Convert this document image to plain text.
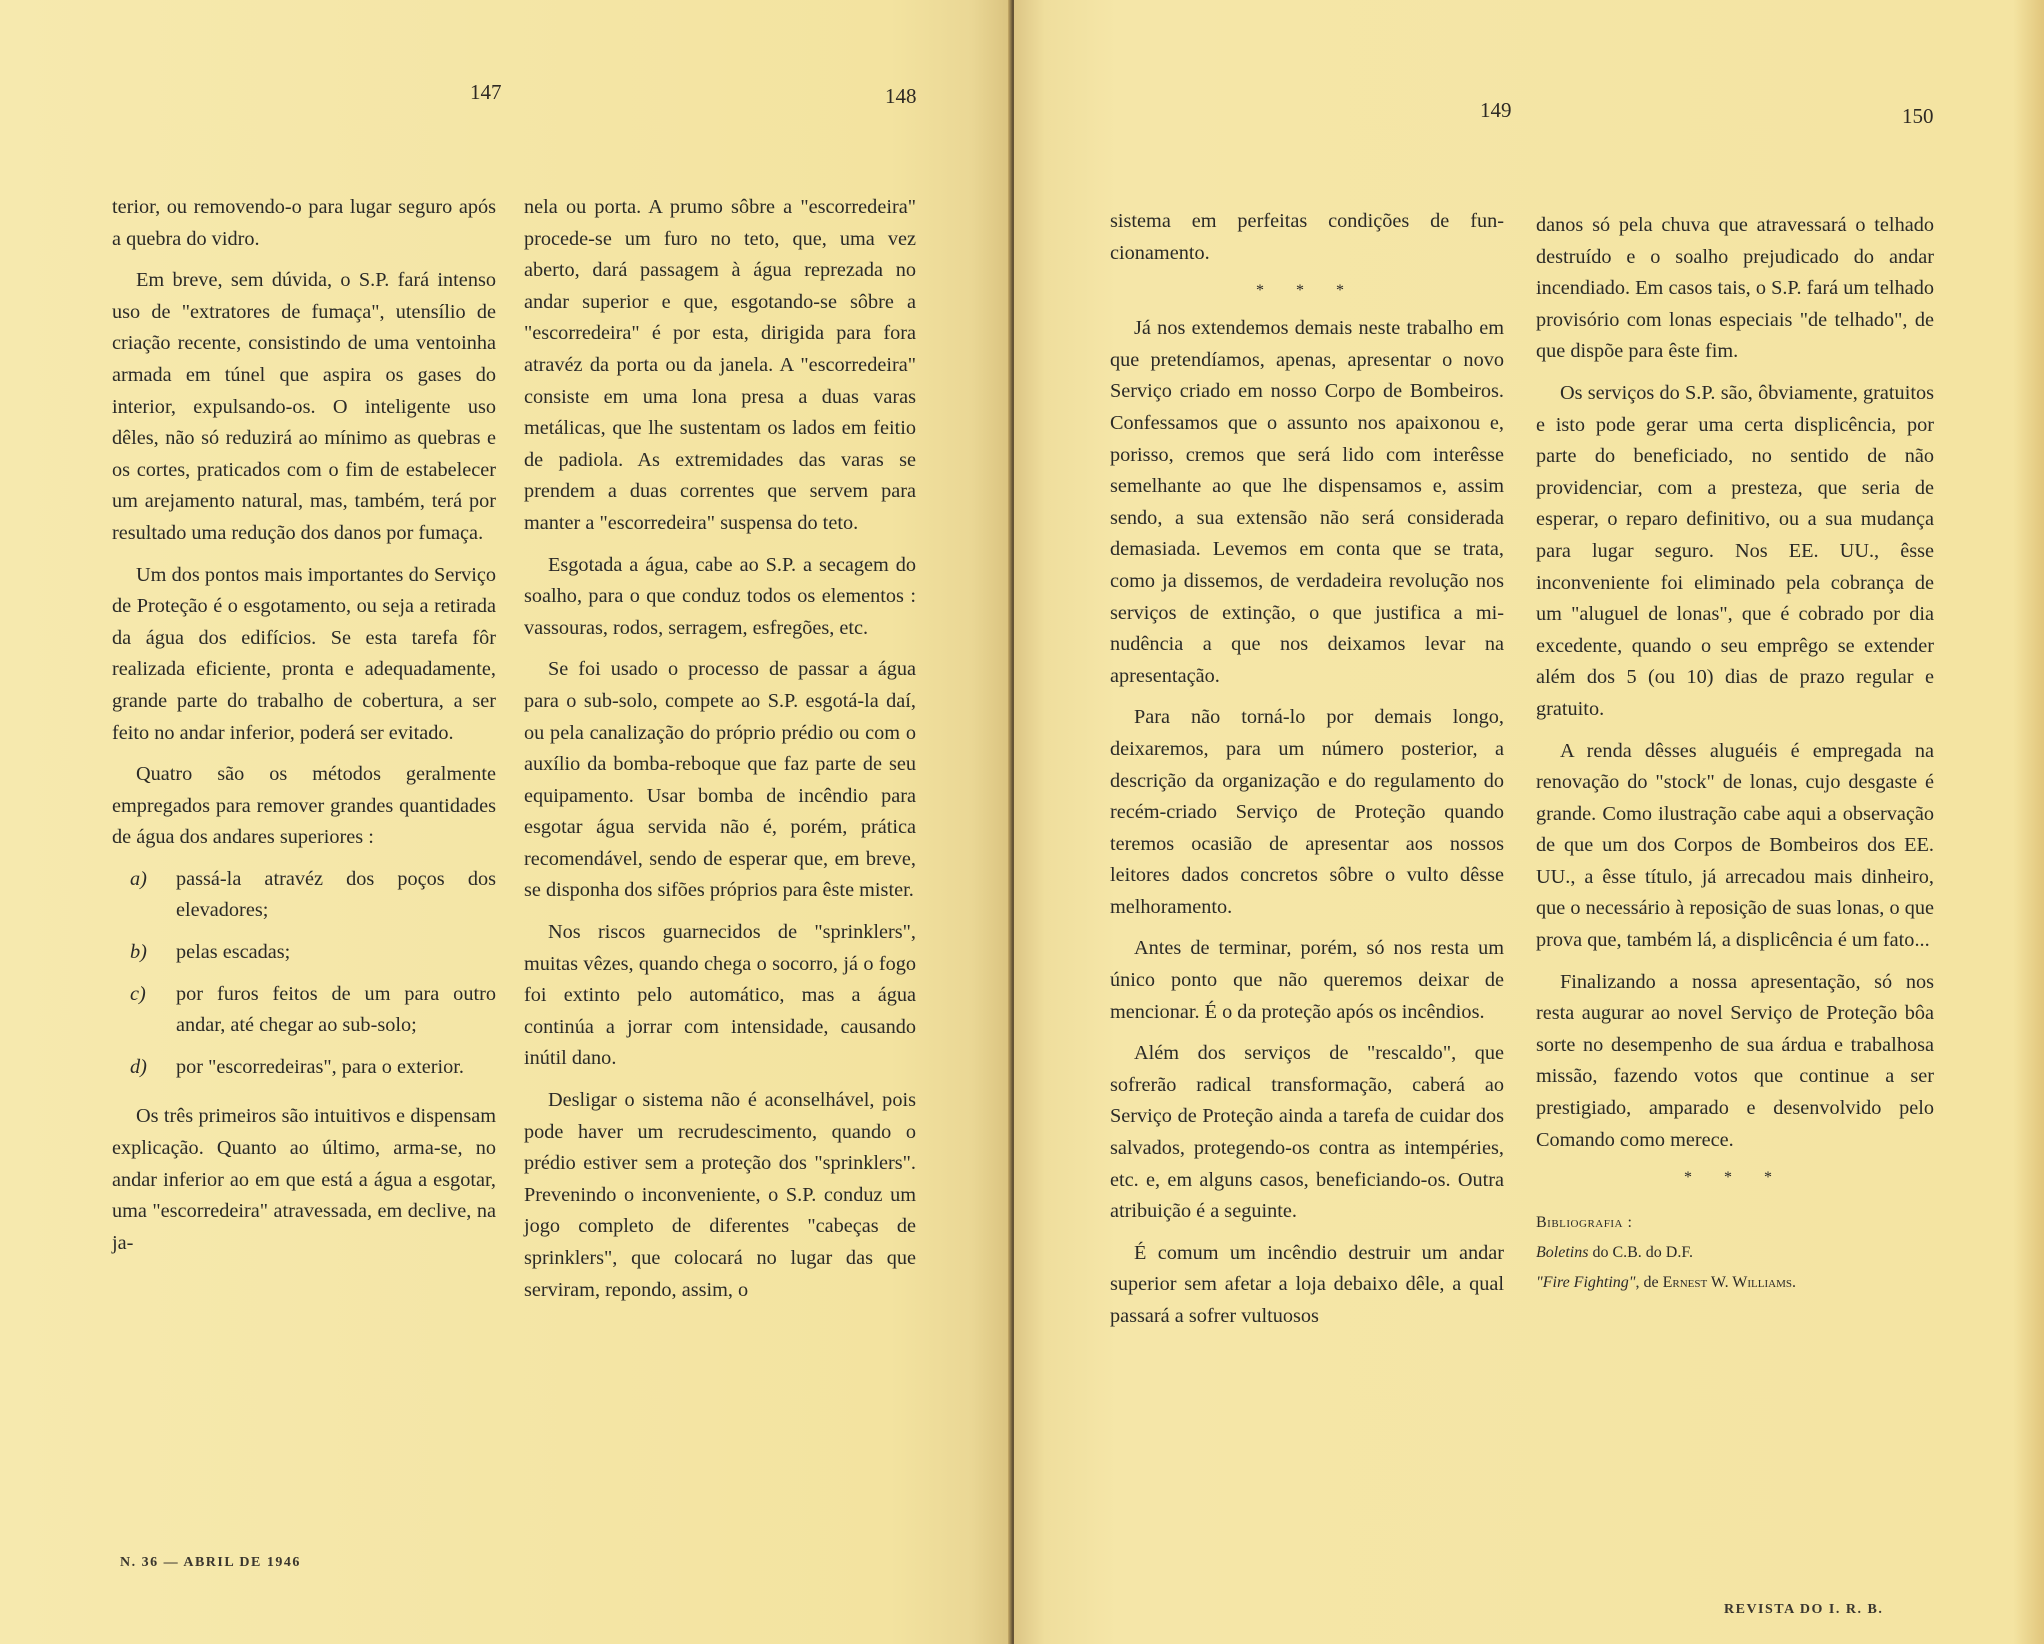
147	148

terior, ou removendo-o para lugar seguro após a quebra do vidro.

Em breve, sem dúvida, o S.P. fará intenso uso de "extratores de fumaça", utensílio de criação recente, consistindo de uma ventoinha armada em túnel que aspira os gases do interior, expulsando-os. O inteligente uso dêles, não só reduzirá ao mínimo as quebras e os cortes, praticados com o fim de estabelecer um arejamento natural, mas, também, terá por resultado uma redução dos danos por fumaça.

Um dos pontos mais importantes do Serviço de Proteção é o esgotamento, ou seja a retirada da água dos edifícios. Se esta tarefa fôr realizada eficiente, pronta e adequadamente, grande parte do trabalho de cobertura, a ser feito no andar inferior, poderá ser evitado.

Quatro são os métodos geralmente empregados para remover grandes quantidades de água dos andares superiores :

a) passá-la atravéz dos poços dos elevadores;
b) pelas escadas;
c) por furos feitos de um para outro andar, até chegar ao sub-solo;
d) por "escorredeiras", para o exterior.

Os três primeiros são intuitivos e dispensam explicação. Quanto ao último, arma-se, no andar inferior ao em que está a água a esgotar, uma "escorredeira" atravessada, em declive, na ja-

nela ou porta. A prumo sôbre a "escorredeira" procede-se um furo no teto, que, uma vez aberto, dará passagem à água reprezada no andar superior e que, esgotando-se sôbre a "escorredeira" é por esta, dirigida para fora atravéz da porta ou da janela. A "escorredeira" consiste em uma lona presa a duas varas metálicas, que lhe sustentam os lados em feitio de padiola. As extremidades das varas se prendem a duas correntes que servem para manter a "escorredeira" suspensa do teto.

Esgotada a água, cabe ao S.P. a secagem do soalho, para o que conduz todos os elementos : vassouras, rodos, serragem, esfregões, etc.

Se foi usado o processo de passar a água para o sub-solo, compete ao S.P. esgotá-la daí, ou pela canalização do próprio prédio ou com o auxílio da bomba-reboque que faz parte de seu equipamento. Usar bomba de incêndio para esgotar água servida não é, porém, prática recomendável, sendo de esperar que, em breve, se disponha dos sifões próprios para êste mister.

Nos riscos guarnecidos de "sprinklers", muitas vêzes, quando chega o socorro, já o fogo foi extinto pelo automático, mas a água continúa a jorrar com intensidade, causando inútil dano.

Desligar o sistema não é aconselhável, pois pode haver um recrudescimento, quando o prédio estiver sem a proteção dos "sprinklers". Prevenindo o inconveniente, o S.P. conduz um jogo completo de diferentes "cabeças de sprinklers", que colocará no lugar das que serviram, repondo, assim, o

N. 36 — ABRIL DE 1946
149	150

sistema em perfeitas condições de funcionamento.

* * *

Já nos extendemos demais neste trabalho em que pretendíamos, apenas, apresentar o novo Serviço criado em nosso Corpo de Bombeiros. Confessamos que o assunto nos apaixonou e, porisso, cremos que será lido com interêsse semelhante ao que lhe dispensamos e, assim sendo, a sua extensão não será considerada demasiada. Levemos em conta que se trata, como ja dissemos, de verdadeira revolução nos serviços de extinção, o que justifica a minudência a que nos deixamos levar na apresentação.

Para não torná-lo por demais longo, deixaremos, para um número posterior, a descrição da organização e do regulamento do recém-criado Serviço de Proteção quando teremos ocasião de apresentar aos nossos leitores dados concretos sôbre o vulto dêsse melhoramento.

Antes de terminar, porém, só nos resta um único ponto que não queremos deixar de mencionar. É o da proteção após os incêndios.

Além dos serviços de "rescaldo", que sofrerão radical transformação, caberá ao Serviço de Proteção ainda a tarefa de cuidar dos salvados, protegendo-os contra as intempéries, etc. e, em alguns casos, beneficiando-os. Outra atribuição é a seguinte.

É comum um incêndio destruir um andar superior sem afetar a loja debaixo dêle, a qual passará a sofrer vultuosos

danos só pela chuva que atravessará o telhado destruído e o soalho prejudicado do andar incendiado. Em casos tais, o S.P. fará um telhado provisório com lonas especiais "de telhado", de que dispõe para êste fim.

Os serviços do S.P. são, ôbviamente, gratuitos e isto pode gerar uma certa displicência, por parte do beneficiado, no sentido de não providenciar, com a presteza, que seria de esperar, o reparo definitivo, ou a sua mudança para lugar seguro. Nos EE. UU., êsse inconveniente foi eliminado pela cobrança de um "aluguel de lonas", que é cobrado por dia excedente, quando o seu emprêgo se extender além dos 5 (ou 10) dias de prazo regular e gratuito.

A renda dêsses aluguéis é empregada na renovação do "stock" de lonas, cujo desgaste é grande. Como ilustração cabe aqui a observação de que um dos Corpos de Bombeiros dos EE. UU., a êsse título, já arrecadou mais dinheiro, que o necessário à reposição de suas lonas, o que prova que, também lá, a displicência é um fato...

Finalizando a nossa apresentação, só nos resta augurar ao novel Serviço de Proteção bôa sorte no desempenho de sua árdua e trabalhosa missão, fazendo votos que continue a ser prestigiado, amparado e desenvolvido pelo Comando como merece.

* * *
Bibliografia :
Boletins do C.B. do D.F.
"Fire Fighting", de Ernest W. Williams.
REVISTA DO I. R. B.
